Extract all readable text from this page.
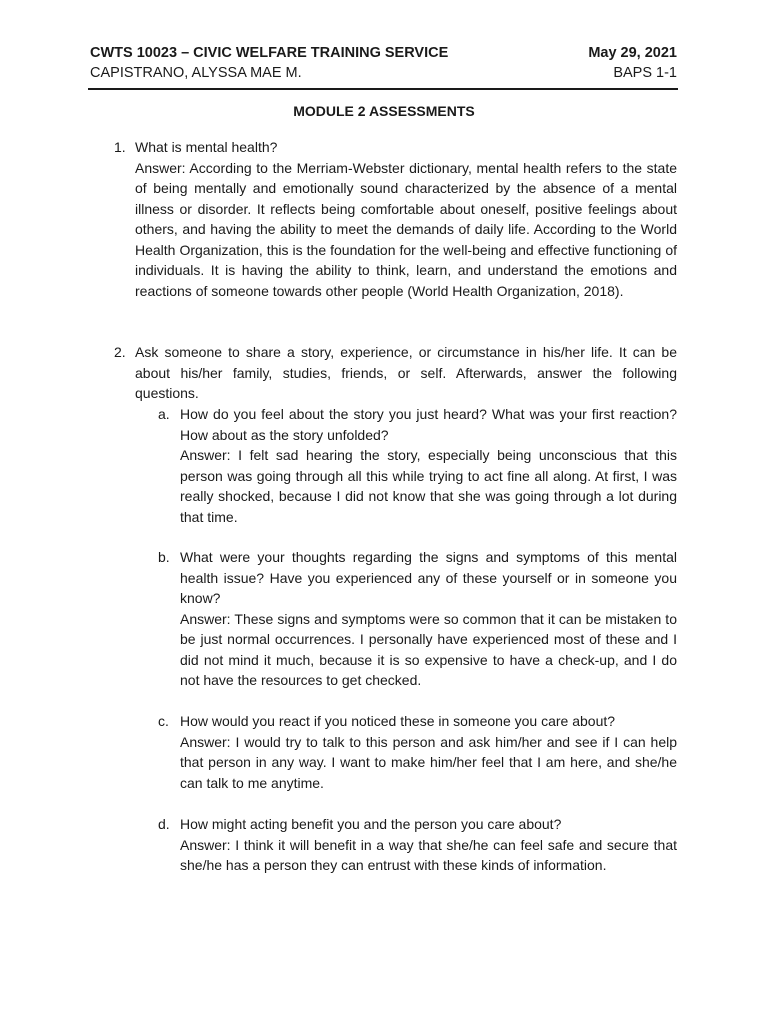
CWTS 10023 – CIVIC WELFARE TRAINING SERVICE	May 29, 2021
CAPISTRANO, ALYSSA MAE M.	BAPS 1-1
MODULE 2 ASSESSMENTS
1. What is mental health?

Answer: According to the Merriam-Webster dictionary, mental health refers to the state of being mentally and emotionally sound characterized by the absence of a mental illness or disorder. It reflects being comfortable about oneself, positive feelings about others, and having the ability to meet the demands of daily life. According to the World Health Organization, this is the foundation for the well-being and effective functioning of individuals. It is having the ability to think, learn, and understand the emotions and reactions of someone towards other people (World Health Organization, 2018).

2. Ask someone to share a story, experience, or circumstance in his/her life. It can be about his/her family, studies, friends, or self. Afterwards, answer the following questions.

a. How do you feel about the story you just heard? What was your first reaction? How about as the story unfolded?

Answer: I felt sad hearing the story, especially being unconscious that this person was going through all this while trying to act fine all along. At first, I was really shocked, because I did not know that she was going through a lot during that time.

b. What were your thoughts regarding the signs and symptoms of this mental health issue? Have you experienced any of these yourself or in someone you know?

Answer: These signs and symptoms were so common that it can be mistaken to be just normal occurrences. I personally have experienced most of these and I did not mind it much, because it is so expensive to have a check-up, and I do not have the resources to get checked.

c. How would you react if you noticed these in someone you care about?

Answer: I would try to talk to this person and ask him/her and see if I can help that person in any way. I want to make him/her feel that I am here, and she/he can talk to me anytime.

d. How might acting benefit you and the person you care about?

Answer: I think it will benefit in a way that she/he can feel safe and secure that she/he has a person they can entrust with these kinds of information.
